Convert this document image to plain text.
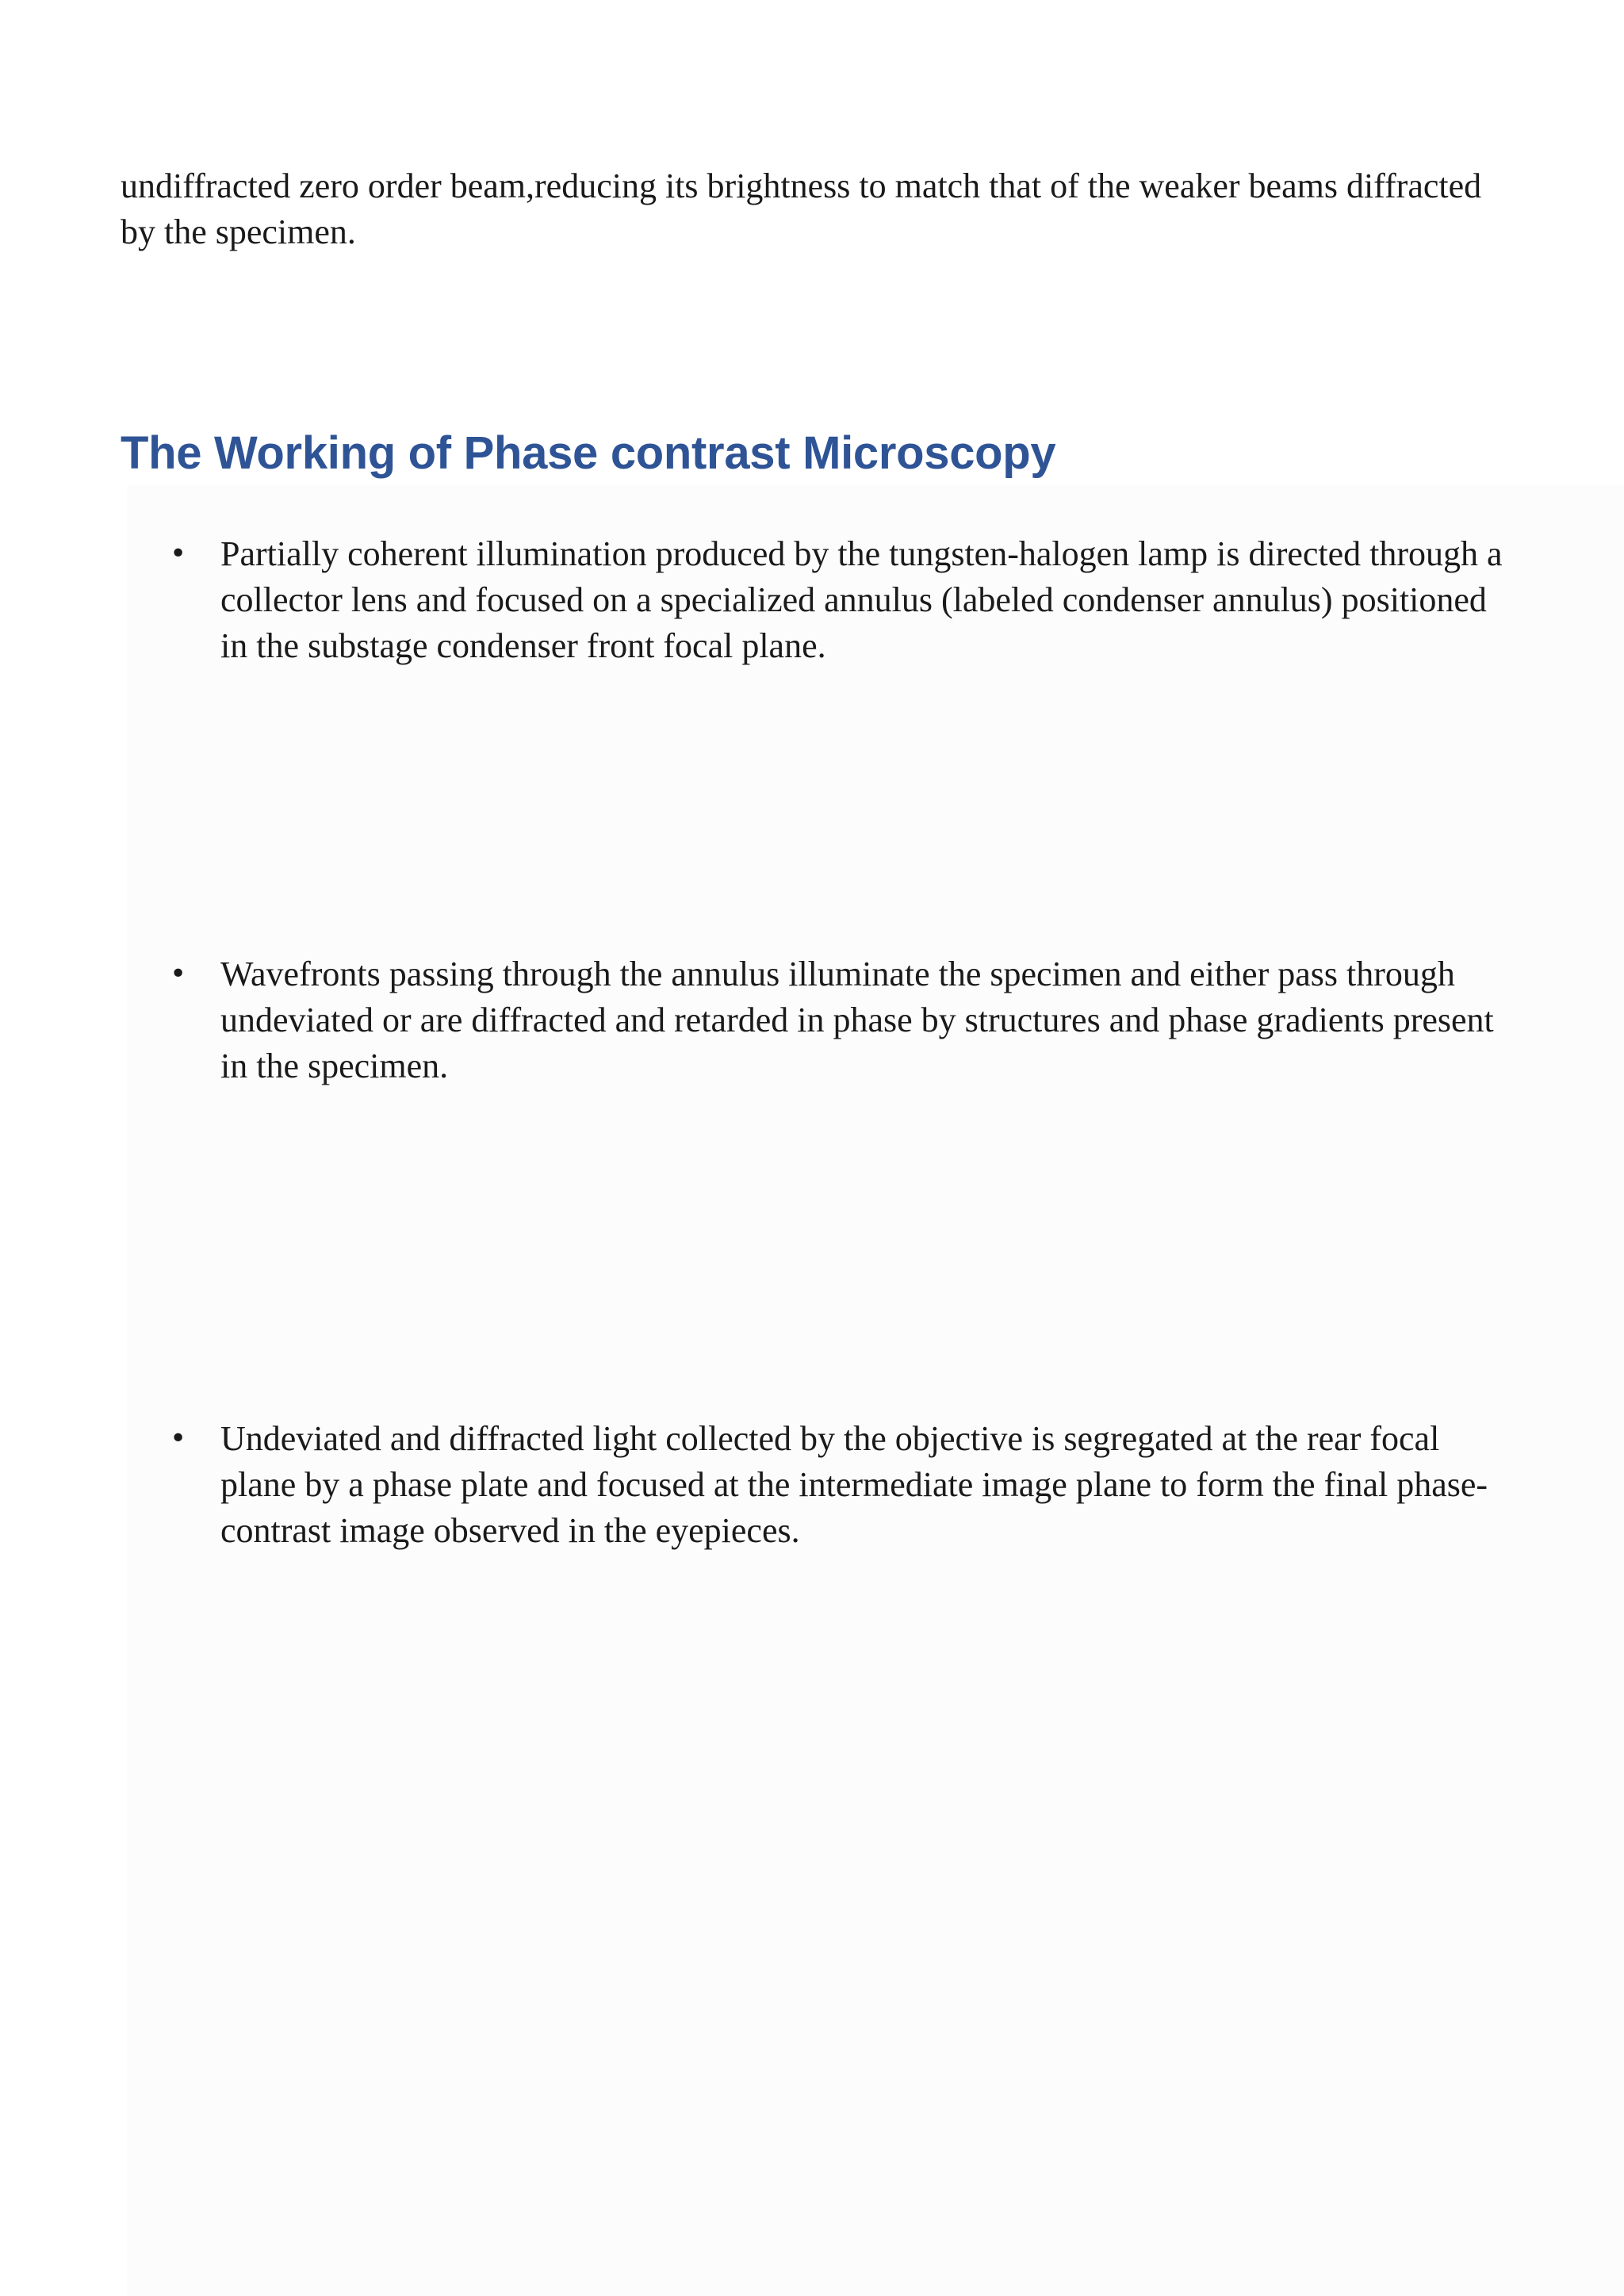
undiffracted zero order beam,reducing its brightness to match that of the weaker beams diffracted by the specimen.

The Working of Phase contrast Microscopy
• Partially coherent illumination produced by the tungsten-halogen lamp is directed through a collector lens and focused on a specialized annulus (labeled condenser annulus) positioned in the substage condenser front focal plane.

• Wavefronts passing through the annulus illuminate the specimen and either pass through undeviated or are diffracted and retarded in phase by structures and phase gradients present in the specimen.

• Undeviated and diffracted light collected by the objective is segregated at the rear focal plane by a phase plate and focused at the intermediate image plane to form the final phase-contrast image observed in the eyepieces.
